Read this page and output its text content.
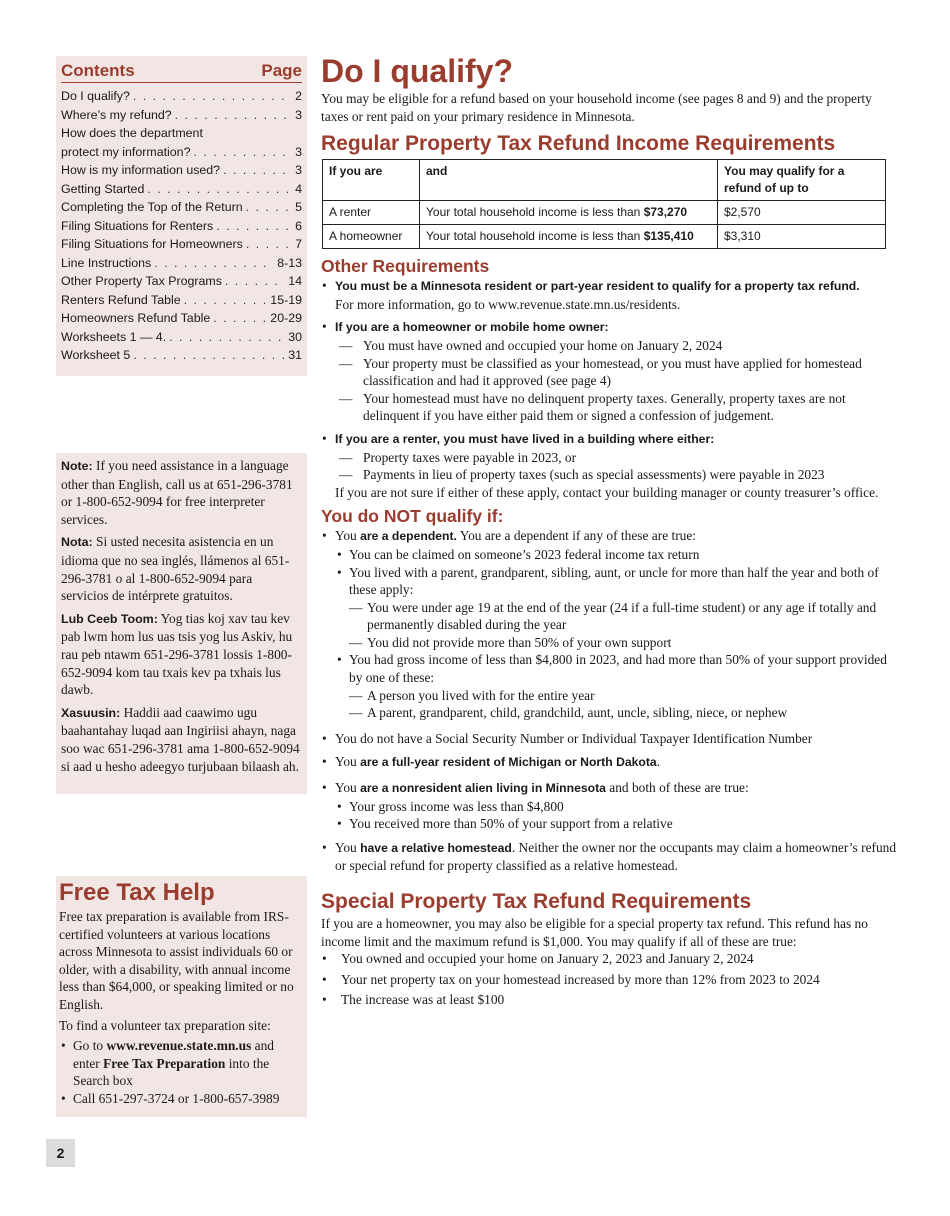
Contents	Page
Do I qualify? . . .	2
Where’s my refund? . . .	3
How does the department
protect my information? . . .	3
How is my information used? . . .	3
Getting Started . . .	4
Completing the Top of the Return . . .	5
Filing Situations for Renters . . .	6
Filing Situations for Homeowners . . .	7
Line Instructions . . .	8-13
Other Property Tax Programs . . .	14
Renters Refund Table . . .	15-19
Homeowners Refund Table . . .	20-29
Worksheets 1 — 4. . . .	30
Worksheet 5 . . .	31

Note: If you need assistance in a language other than English, call us at 651-296-3781 or 1-800-652-9094 for free interpreter services.

Nota: Si usted necesita asistencia en un idioma que no sea inglés, llámenos al 651-296-3781 o al 1-800-652-9094 para servicios de intérprete gratuitos.

Lub Ceeb Toom: Yog tias koj xav tau kev pab lwm hom lus uas tsis yog lus Askiv, hu rau peb ntawm 651-296-3781 lossis 1-800-652-9094 kom tau txais kev pa txhais lus dawb.

Xasuusin: Haddii aad caawimo ugu baahantahay luqad aan Ingiriisi ahayn, naga soo wac 651-296-3781 ama 1-800-652-9094 si aad u hesho adeegyo turjubaan bilaash ah.

Free Tax Help

Free tax preparation is available from IRS-certified volunteers at various locations across Minnesota to assist individuals 60 or older, with a disability, with annual income less than $64,000, or speaking limited or no English.

To find a volunteer tax preparation site:

• Go to www.revenue.state.mn.us and enter Free Tax Preparation into the Search box
• Call 651-297-3724 or 1-800-657-3989
2
Do I qualify?

You may be eligible for a refund based on your household income (see pages 8 and 9) and the property taxes or rent paid on your primary residence in Minnesota.

Regular Property Tax Refund Income Requirements
If you are	and	You may qualify for a refund of up to
A renter	Your total household income is less than $73,270	$2,570
A homeowner	Your total household income is less than $135,410	$3,310
Other Requirements
• You must be a Minnesota resident or part-year resident to qualify for a property tax refund.
For more information, go to www.revenue.state.mn.us/residents.
• If you are a homeowner or mobile home owner:
— You must have owned and occupied your home on January 2, 2024
— Your property must be classified as your homestead, or you must have applied for homestead classification and had it approved (see page 4)
— Your homestead must have no delinquent property taxes. Generally, property taxes are not delinquent if you have either paid them or signed a confession of judgement.
• If you are a renter, you must have lived in a building where either:
— Property taxes were payable in 2023, or
— Payments in lieu of property taxes (such as special assessments) were payable in 2023
If you are not sure if either of these apply, contact your building manager or county treasurer’s office.
You do NOT qualify if:
• You are a dependent. You are a dependent if any of these are true:
• You can be claimed on someone’s 2023 federal income tax return
• You lived with a parent, grandparent, sibling, aunt, or uncle for more than half the year and both of these apply:
— You were under age 19 at the end of the year (24 if a full-time student) or any age if totally and permanently disabled during the year
— You did not provide more than 50% of your own support
• You had gross income of less than $4,800 in 2023, and had more than 50% of your support provided by one of these:
— A person you lived with for the entire year
— A parent, grandparent, child, grandchild, aunt, uncle, sibling, niece, or nephew
• You do not have a Social Security Number or Individual Taxpayer Identification Number
• You are a full-year resident of Michigan or North Dakota.
• You are a nonresident alien living in Minnesota and both of these are true:
• Your gross income was less than $4,800
• You received more than 50% of your support from a relative
• You have a relative homestead. Neither the owner nor the occupants may claim a homeowner’s refund or special refund for property classified as a relative homestead.
Special Property Tax Refund Requirements

If you are a homeowner, you may also be eligible for a special property tax refund. This refund has no income limit and the maximum refund is $1,000. You may qualify if all of these are true:

• You owned and occupied your home on January 2, 2023 and January 2, 2024
• Your net property tax on your homestead increased by more than 12% from 2023 to 2024
• The increase was at least $100
